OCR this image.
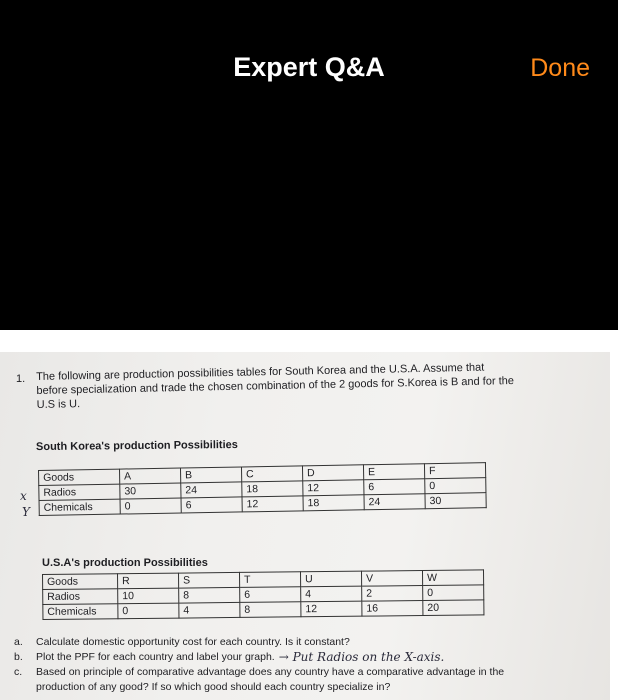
Expert Q&A	Done
1. The following are production possibilities tables for South Korea and the U.S.A. Assume that before specialization and trade the chosen combination of the 2 goods for S.Korea is B and for the U.S is U.
South Korea's production Possibilities
x
Y
Goods	A	B	C	D	E	F
Radios	30	24	18	12	6	0
Chemicals	0	6	12	18	24	30
U.S.A's production Possibilities
Goods	R	S	T	U	V	W
Radios	10	8	6	4	2	0
Chemicals	0	4	8	12	16	20
a.	Calculate domestic opportunity cost for each country. Is it constant?
b.	Plot the PPF for each country and label your graph. → Put Radios on the X-axis.
c.	Based on principle of comparative advantage does any country have a comparative advantage in the production of any good? If so which good should each country specialize in?
